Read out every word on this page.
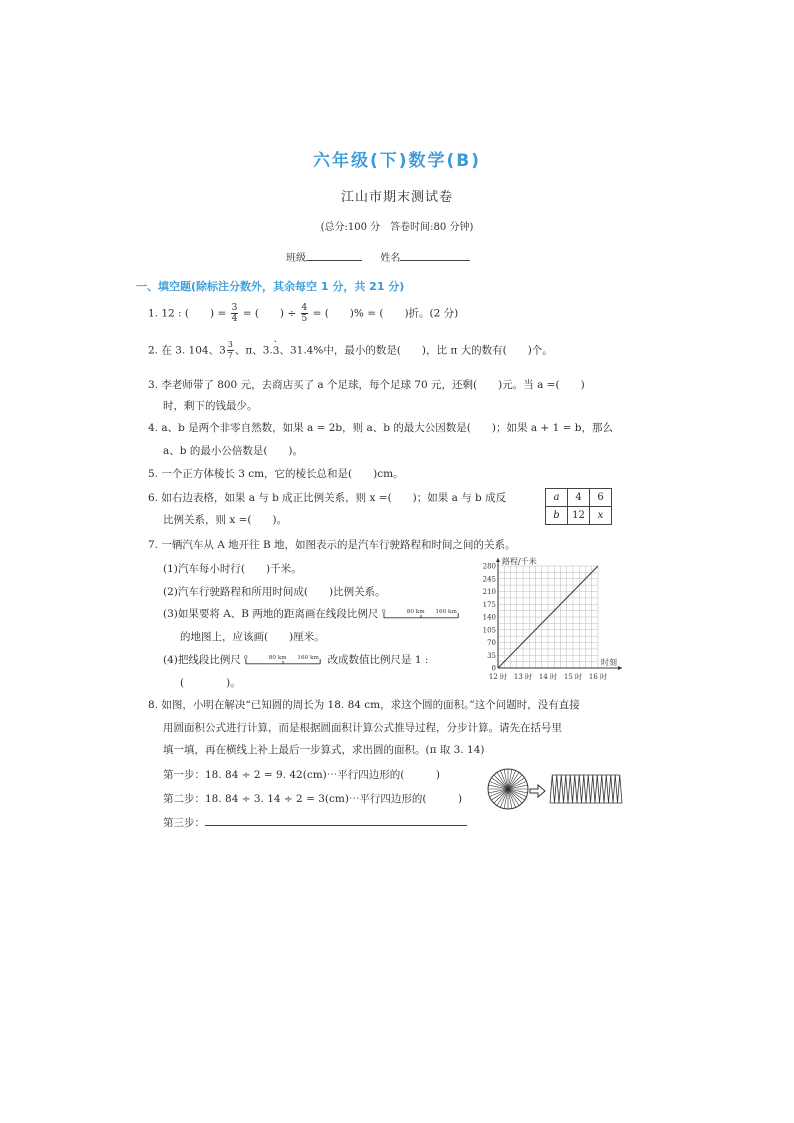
六年级(下)数学(B)
江山市期末测试卷
(总分:100 分　答卷时间:80 分钟)
班级	姓名
一、填空题(除标注分数外，其余每空 1 分，共 21 分)
1. 12 : (　　) = $\frac{3}{4}$ = (　　) ÷ $\frac{4}{5}$ = (　　)% = (　　)折。(2 分)
2. 在 3. 104、$3 \frac{3}{7}$ 、π、3.· 3、31.4%中，最小的数是(　　)，比 π 大的数有(　　)个。
3. 李老师带了 800 元，去商店买了 a 个足球，每个足球 70 元，还剩(　　)元。当 a =(　　)
时，剩下的钱最少。
4. a、b 是两个非零自然数，如果 a = 2b，则 a、b 的最大公因数是(　　)；如果 a + 1 = b，那么
a、b 的最小公倍数是(　　)。
5. 一个正方体棱长 3 cm，它的棱长总和是(　　)cm。
6. 如右边表格，如果 a 与 b 成正比例关系，则 x =(　　)；如果 a 与 b 成反
比例关系，则 x =(　　)。
a	4	6
b	12	x
7. 一辆汽车从 A 地开往 B 地，如图表示的是汽车行驶路程和时间之间的关系。
(1)汽车每小时行(　　)千米。
(2)汽车行驶路程和所用时间成(　　)比例关系。
(3)如果要将 A、B 两地的距离画在线段比例尺 0	80 km 160 km
的地图上，应该画(　　)厘米。
(4)把线段比例尺 0	80 km 160 km 改成数值比例尺是 1 :
(　　　　)。
0
35
70
105
140
175
210
245
280
12 时 13 时 14 时 15 时 16 时
路程/千米
时刻
8. 如图，小明在解决“已知圆的周长为 18. 84 cm，求这个圆的面积。”这个问题时，没有直接
用圆面积公式进行计算，而是根据圆面积计算公式推导过程，分步计算。请先在括号里
填一填，再在横线上补上最后一步算式，求出圆的面积。(π 取 3. 14)
第一步：18. 84 ÷ 2 = 9. 42(cm)⋯平行四边形的(　　　)
第二步：18. 84 ÷ 3. 14 ÷ 2 = 3(cm)⋯平行四边形的(　　　)
第三步：
